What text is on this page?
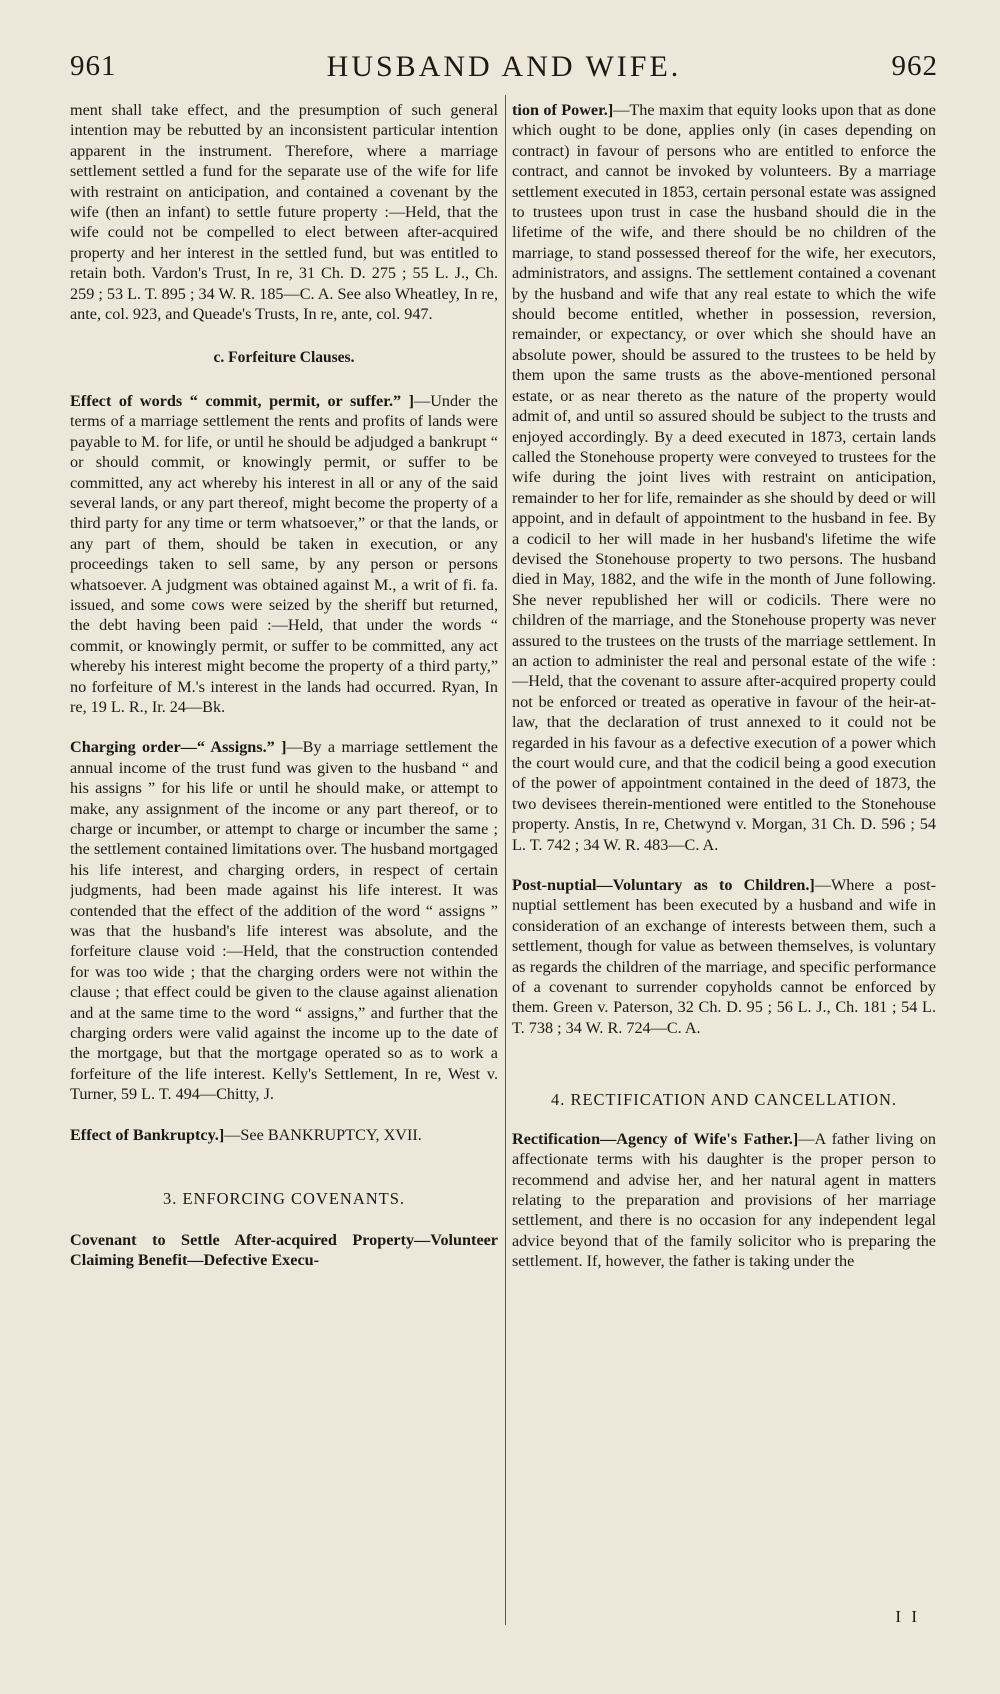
961	HUSBAND AND WIFE.	962

ment shall take effect, and the presumption of such general intention may be rebutted by an inconsistent particular intention apparent in the instrument. Therefore, where a marriage settlement settled a fund for the separate use of the wife for life with restraint on anticipation, and contained a covenant by the wife (then an infant) to settle future property :—Held, that the wife could not be compelled to elect between after-acquired property and her interest in the settled fund, but was entitled to retain both. Vardon's Trust, In re, 31 Ch. D. 275 ; 55 L. J., Ch. 259 ; 53 L. T. 895 ; 34 W. R. 185—C. A. See also Wheatley, In re, ante, col. 923, and Queade's Trusts, In re, ante, col. 947.

c. Forfeiture Clauses.

Effect of words “ commit, permit, or suffer.” ]—Under the terms of a marriage settlement the rents and profits of lands were payable to M. for life, or until he should be adjudged a bankrupt “ or should commit, or knowingly permit, or suffer to be committed, any act whereby his interest in all or any of the said several lands, or any part thereof, might become the property of a third party for any time or term whatsoever,” or that the lands, or any part of them, should be taken in execution, or any proceedings taken to sell same, by any person or persons whatsoever. A judgment was obtained against M., a writ of fi. fa. issued, and some cows were seized by the sheriff but returned, the debt having been paid :—Held, that under the words “ commit, or knowingly permit, or suffer to be committed, any act whereby his interest might become the property of a third party,” no forfeiture of M.'s interest in the lands had occurred. Ryan, In re, 19 L. R., Ir. 24—Bk.

Charging order—“ Assigns.” ]—By a marriage settlement the annual income of the trust fund was given to the husband “ and his assigns ” for his life or until he should make, or attempt to make, any assignment of the income or any part thereof, or to charge or incumber, or attempt to charge or incumber the same ; the settlement contained limitations over. The husband mortgaged his life interest, and charging orders, in respect of certain judgments, had been made against his life interest. It was contended that the effect of the addition of the word “ assigns ” was that the husband's life interest was absolute, and the forfeiture clause void :—Held, that the construction contended for was too wide ; that the charging orders were not within the clause ; that effect could be given to the clause against alienation and at the same time to the word “ assigns,” and further that the charging orders were valid against the income up to the date of the mortgage, but that the mortgage operated so as to work a forfeiture of the life interest. Kelly's Settlement, In re, West v. Turner, 59 L. T. 494—Chitty, J.

Effect of Bankruptcy.]—See BANKRUPTCY, XVII.

3. ENFORCING COVENANTS.

Covenant to Settle After-acquired Property—Volunteer Claiming Benefit—Defective Execu-

tion of Power.]—The maxim that equity looks upon that as done which ought to be done, applies only (in cases depending on contract) in favour of persons who are entitled to enforce the contract, and cannot be invoked by volunteers. By a marriage settlement executed in 1853, certain personal estate was assigned to trustees upon trust in case the husband should die in the lifetime of the wife, and there should be no children of the marriage, to stand possessed thereof for the wife, her executors, administrators, and assigns. The settlement contained a covenant by the husband and wife that any real estate to which the wife should become entitled, whether in possession, reversion, remainder, or expectancy, or over which she should have an absolute power, should be assured to the trustees to be held by them upon the same trusts as the above-mentioned personal estate, or as near thereto as the nature of the property would admit of, and until so assured should be subject to the trusts and enjoyed accordingly. By a deed executed in 1873, certain lands called the Stonehouse property were conveyed to trustees for the wife during the joint lives with restraint on anticipation, remainder to her for life, remainder as she should by deed or will appoint, and in default of appointment to the husband in fee. By a codicil to her will made in her husband's lifetime the wife devised the Stonehouse property to two persons. The husband died in May, 1882, and the wife in the month of June following. She never republished her will or codicils. There were no children of the marriage, and the Stonehouse property was never assured to the trustees on the trusts of the marriage settlement. In an action to administer the real and personal estate of the wife :—Held, that the covenant to assure after-acquired property could not be enforced or treated as operative in favour of the heir-at-law, that the declaration of trust annexed to it could not be regarded in his favour as a defective execution of a power which the court would cure, and that the codicil being a good execution of the power of appointment contained in the deed of 1873, the two devisees therein-mentioned were entitled to the Stonehouse property. Anstis, In re, Chetwynd v. Morgan, 31 Ch. D. 596 ; 54 L. T. 742 ; 34 W. R. 483—C. A.

Post-nuptial—Voluntary as to Children.]—Where a post-nuptial settlement has been executed by a husband and wife in consideration of an exchange of interests between them, such a settlement, though for value as between themselves, is voluntary as regards the children of the marriage, and specific performance of a covenant to surrender copyholds cannot be enforced by them. Green v. Paterson, 32 Ch. D. 95 ; 56 L. J., Ch. 181 ; 54 L. T. 738 ; 34 W. R. 724—C. A.

4. RECTIFICATION AND CANCELLATION.

Rectification—Agency of Wife's Father.]—A father living on affectionate terms with his daughter is the proper person to recommend and advise her, and her natural agent in matters relating to the preparation and provisions of her marriage settlement, and there is no occasion for any independent legal advice beyond that of the family solicitor who is preparing the settlement. If, however, the father is taking under the

I I
